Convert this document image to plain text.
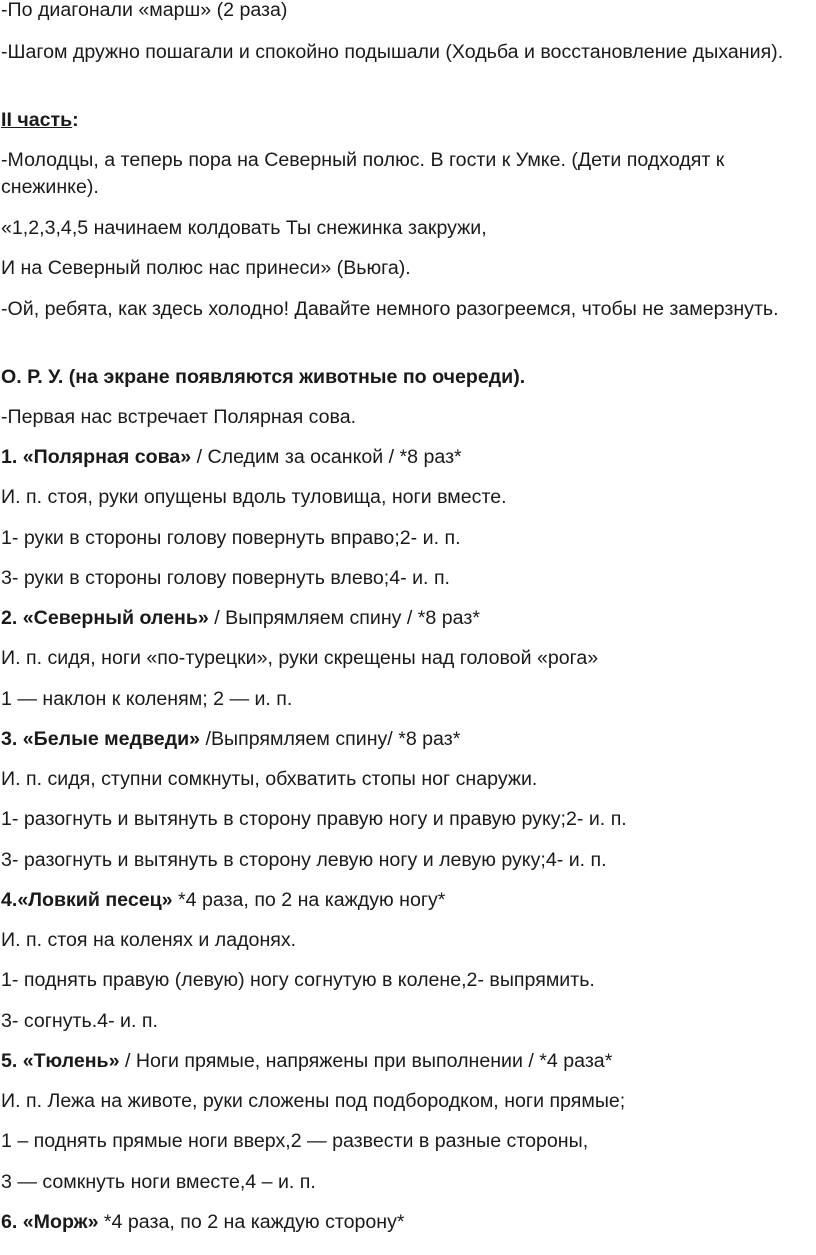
-По диагонали «марш» (2 раза)

-Шагом дружно пошагали и спокойно подышали (Ходьба и восстановление дыхания).

II часть:

-Молодцы, а теперь пора на Северный полюс. В гости к Умке. (Дети подходят к снежинке).

«1,2,3,4,5 начинаем колдовать Ты снежинка закружи,

И на Северный полюс нас принеси» (Вьюга).

-Ой, ребята, как здесь холодно! Давайте немного разогреемся, чтобы не замерзнуть.

О. Р. У. (на экране появляются животные по очереди).

-Первая нас встречает Полярная сова.

1. «Полярная сова» / Следим за осанкой / *8 раз*

И. п. стоя, руки опущены вдоль туловища, ноги вместе.

1- руки в стороны голову повернуть вправо;2- и. п.

3- руки в стороны голову повернуть влево;4- и. п.

2. «Северный олень» / Выпрямляем спину / *8 раз*

И. п. сидя, ноги «по-турецки», руки скрещены над головой «рога»

1 — наклон к коленям; 2 — и. п.

3. «Белые медведи» /Выпрямляем спину/ *8 раз*

И. п. сидя, ступни сомкнуты, обхватить стопы ног снаружи.

1- разогнуть и вытянуть в сторону правую ногу и правую руку;2- и. п.

3- разогнуть и вытянуть в сторону левую ногу и левую руку;4- и. п.

4.«Ловкий песец» *4 раза, по 2 на каждую ногу*

И. п. стоя на коленях и ладонях.

1- поднять правую (левую) ногу согнутую в колене,2- выпрямить.

3- согнуть.4- и. п.

5. «Тюлень» / Ноги прямые, напряжены при выполнении / *4 раза*

И. п. Лежа на животе, руки сложены под подбородком, ноги прямые;

1 – поднять прямые ноги вверх,2 — развести в разные стороны,

3 — сомкнуть ноги вместе,4 – и. п.

6. «Морж» *4 раза, по 2 на каждую сторону*
